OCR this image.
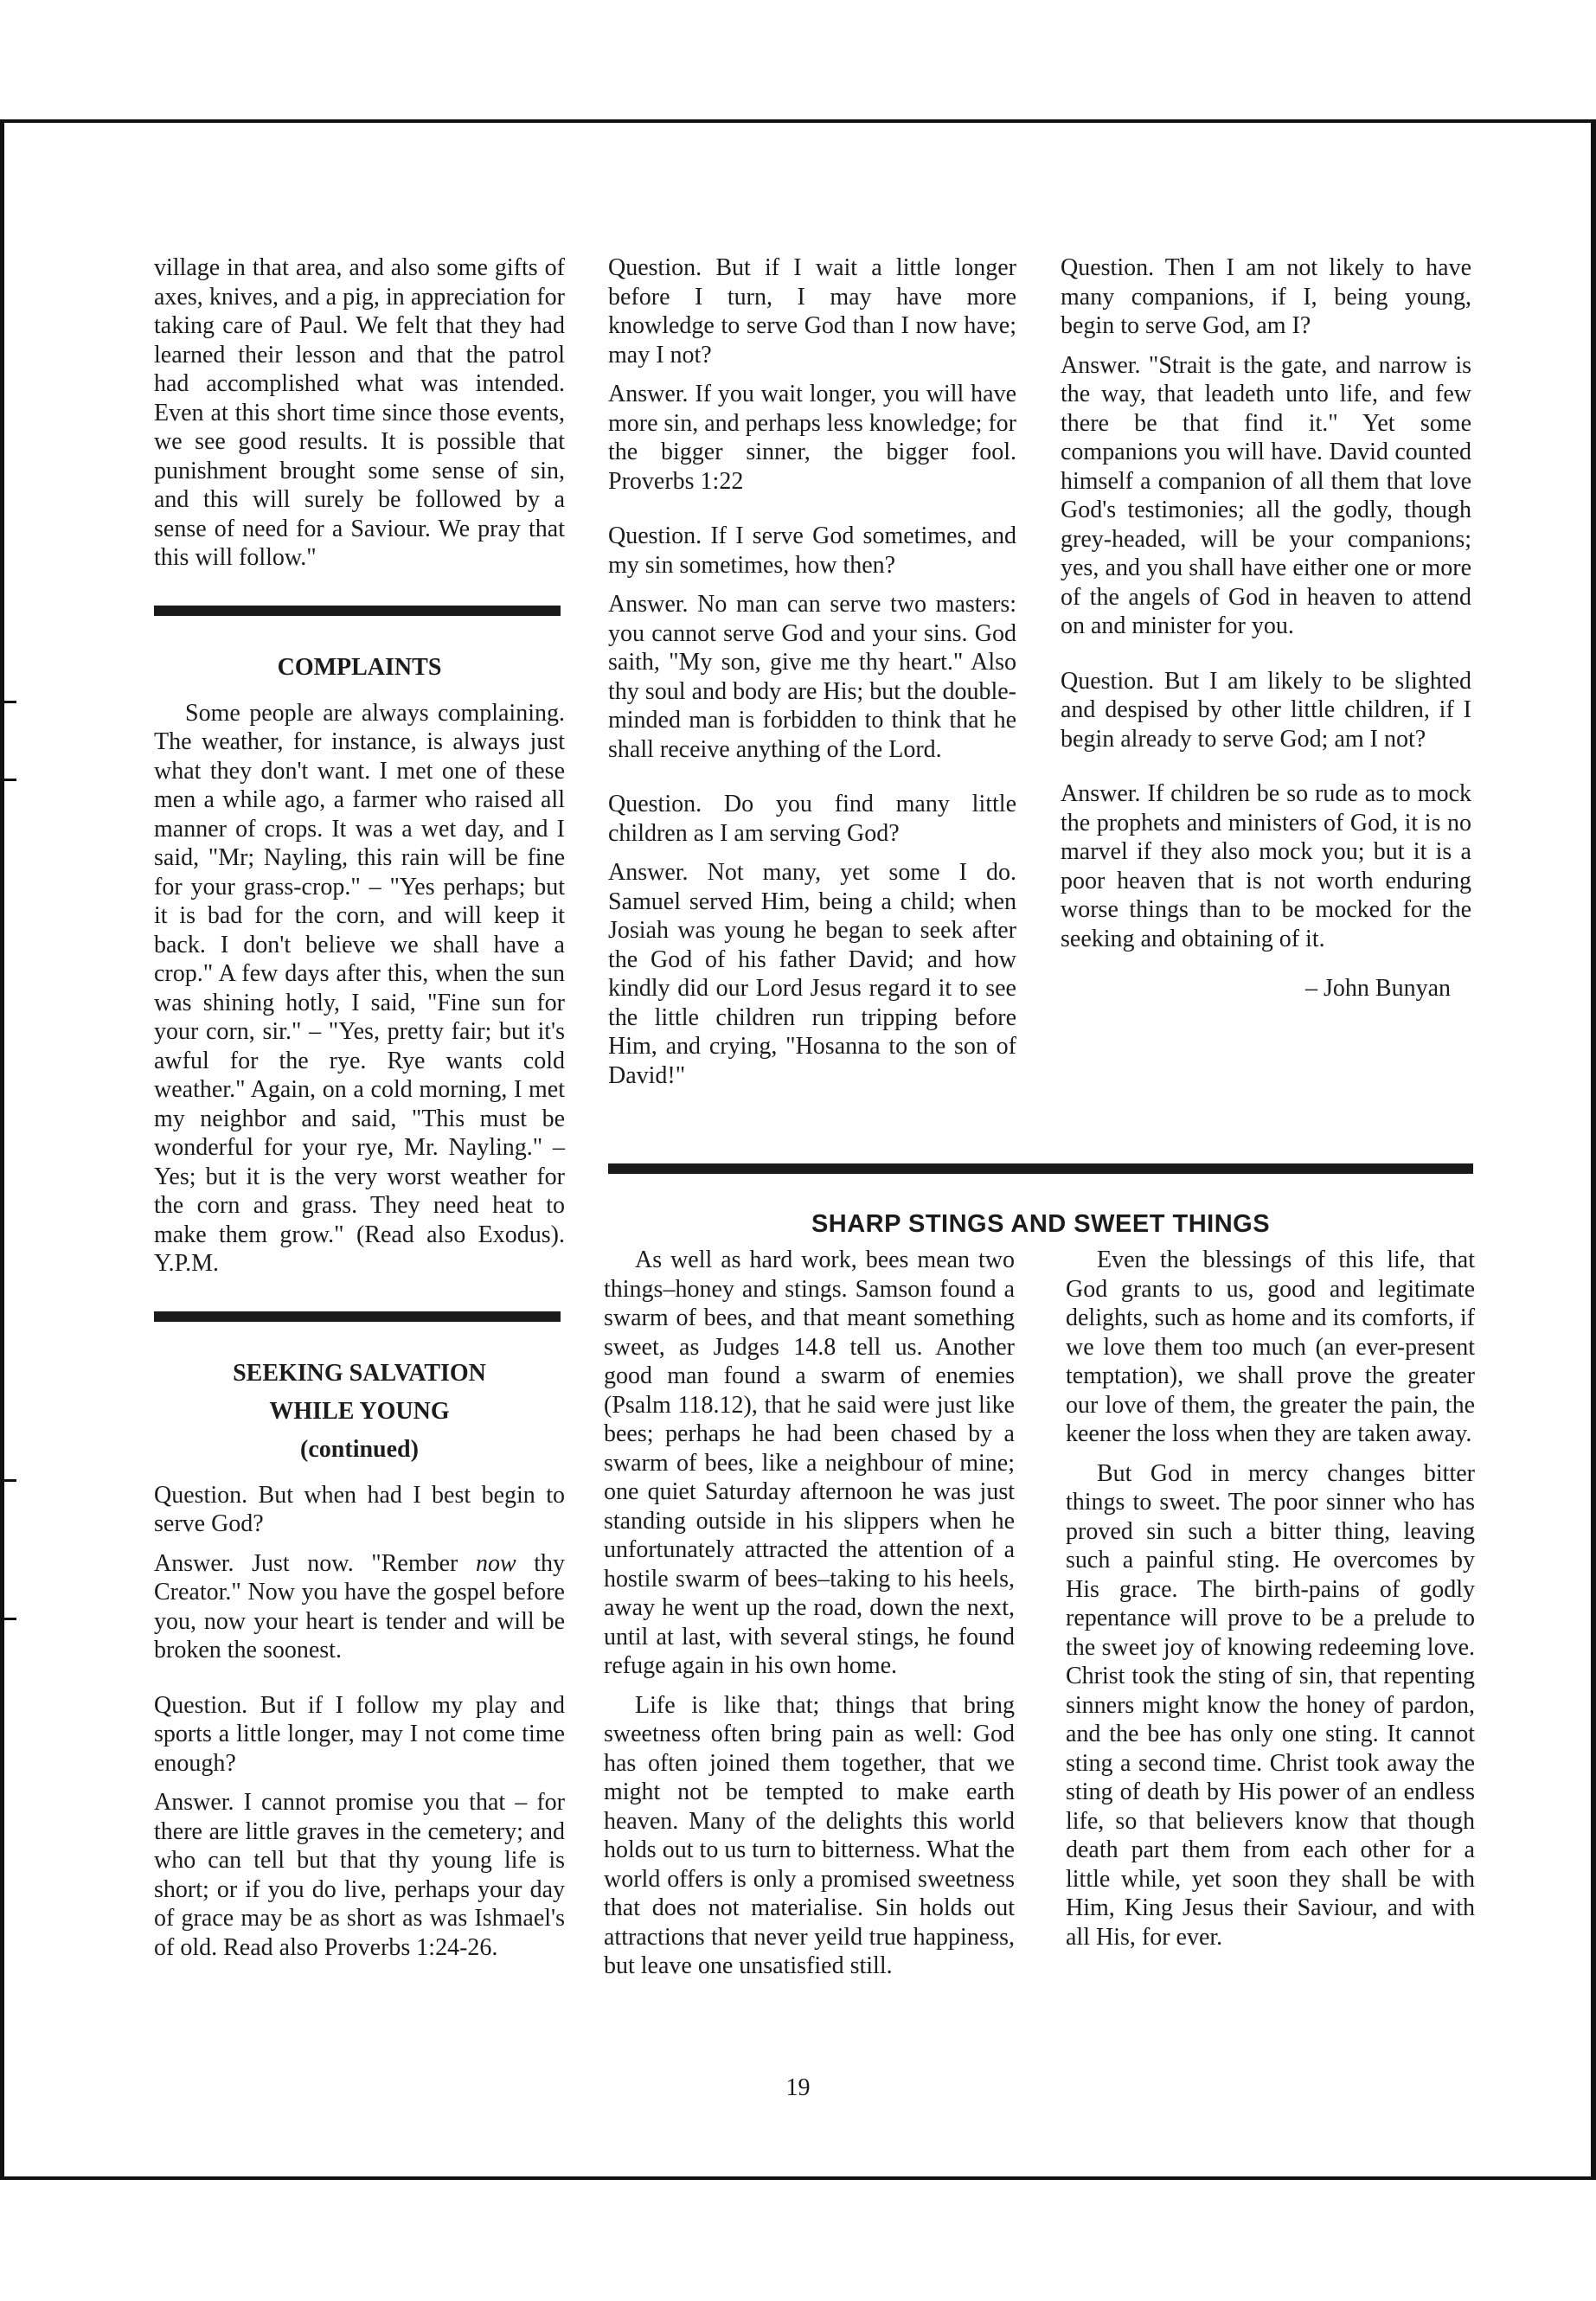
village in that area, and also some gifts of axes, knives, and a pig, in appreciation for taking care of Paul. We felt that they had learned their lesson and that the patrol had accomplished what was intended. Even at this short time since those events, we see good results. It is possible that punishment brought some sense of sin, and this will surely be followed by a sense of need for a Saviour. We pray that this will follow."

COMPLAINTS

Some people are always complaining. The weather, for instance, is always just what they don't want. I met one of these men a while ago, a farmer who raised all manner of crops. It was a wet day, and I said, "Mr; Nayling, this rain will be fine for your grass-crop." – "Yes perhaps; but it is bad for the corn, and will keep it back. I don't believe we shall have a crop." A few days after this, when the sun was shining hotly, I said, "Fine sun for your corn, sir." – "Yes, pretty fair; but it's awful for the rye. Rye wants cold weather." Again, on a cold morning, I met my neighbor and said, "This must be wonderful for your rye, Mr. Nayling." – Yes; but it is the very worst weather for the corn and grass. They need heat to make them grow." (Read also Exodus). Y.P.M.

SEEKING SALVATION
WHILE YOUNG
(continued)

Question. But when had I best begin to serve God?

Answer. Just now. "Rember now thy Creator." Now you have the gospel before you, now your heart is tender and will be broken the soonest.

Question. But if I follow my play and sports a little longer, may I not come time enough?

Answer. I cannot promise you that – for there are little graves in the cemetery; and who can tell but that thy young life is short; or if you do live, perhaps your day of grace may be as short as was Ishmael's of old. Read also Proverbs 1:24-26.

Question. But if I wait a little longer before I turn, I may have more knowledge to serve God than I now have; may I not?

Answer. If you wait longer, you will have more sin, and perhaps less knowledge; for the bigger sinner, the bigger fool. Proverbs 1:22

Question. If I serve God sometimes, and my sin sometimes, how then?

Answer. No man can serve two masters: you cannot serve God and your sins. God saith, "My son, give me thy heart." Also thy soul and body are His; but the double-minded man is forbidden to think that he shall receive anything of the Lord.

Question. Do you find many little children as I am serving God?

Answer. Not many, yet some I do. Samuel served Him, being a child; when Josiah was young he began to seek after the God of his father David; and how kindly did our Lord Jesus regard it to see the little children run tripping before Him, and crying, "Hosanna to the son of David!"

Question. Then I am not likely to have many companions, if I, being young, begin to serve God, am I?

Answer. "Strait is the gate, and narrow is the way, that leadeth unto life, and few there be that find it." Yet some companions you will have. David counted himself a companion of all them that love God's testimonies; all the godly, though grey-headed, will be your companions; yes, and you shall have either one or more of the angels of God in heaven to attend on and minister for you.

Question. But I am likely to be slighted and despised by other little children, if I begin already to serve God; am I not?

Answer. If children be so rude as to mock the prophets and ministers of God, it is no marvel if they also mock you; but it is a poor heaven that is not worth enduring worse things than to be mocked for the seeking and obtaining of it.

– John Bunyan
SHARP STINGS AND SWEET THINGS

As well as hard work, bees mean two things–honey and stings. Samson found a swarm of bees, and that meant something sweet, as Judges 14.8 tell us. Another good man found a swarm of enemies (Psalm 118.12), that he said were just like bees; perhaps he had been chased by a swarm of bees, like a neighbour of mine; one quiet Saturday afternoon he was just standing outside in his slippers when he unfortunately attracted the attention of a hostile swarm of bees–taking to his heels, away he went up the road, down the next, until at last, with several stings, he found refuge again in his own home.

Life is like that; things that bring sweetness often bring pain as well: God has often joined them together, that we might not be tempted to make earth heaven. Many of the delights this world holds out to us turn to bitterness. What the world offers is only a promised sweetness that does not materialise. Sin holds out attractions that never yeild true happiness, but leave one unsatisfied still.

Even the blessings of this life, that God grants to us, good and legitimate delights, such as home and its comforts, if we love them too much (an ever-present temptation), we shall prove the greater our love of them, the greater the pain, the keener the loss when they are taken away.

But God in mercy changes bitter things to sweet. The poor sinner who has proved sin such a bitter thing, leaving such a painful sting. He overcomes by His grace. The birth-pains of godly repentance will prove to be a prelude to the sweet joy of knowing redeeming love. Christ took the sting of sin, that repenting sinners might know the honey of pardon, and the bee has only one sting. It cannot sting a second time. Christ took away the sting of death by His power of an endless life, so that believers know that though death part them from each other for a little while, yet soon they shall be with Him, King Jesus their Saviour, and with all His, for ever.

19
